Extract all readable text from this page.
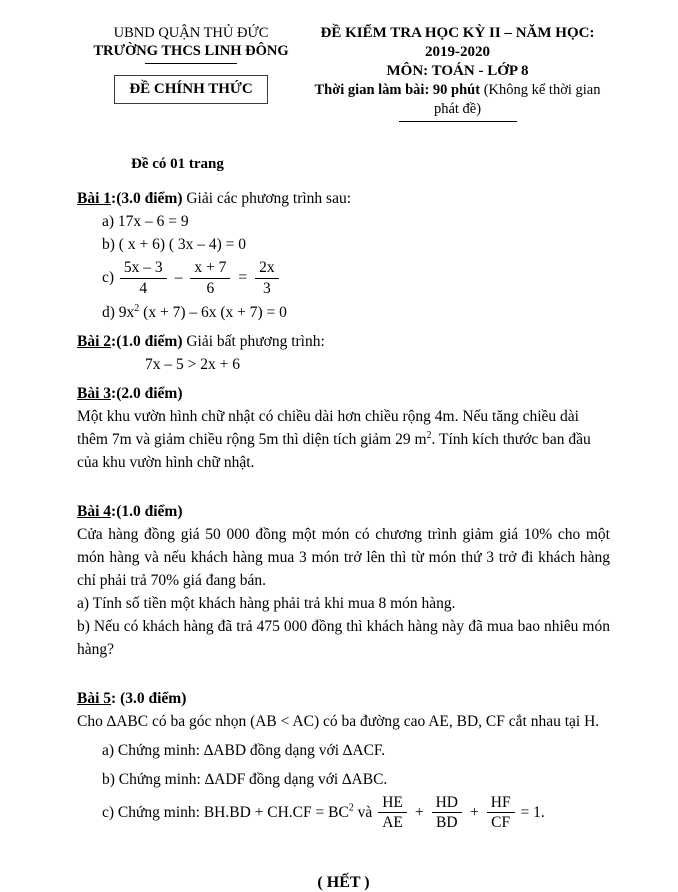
UBND QUẬN THỦ ĐỨC
TRƯỜNG THCS LINH ĐÔNG
ĐỀ CHÍNH THỨC
ĐỀ KIỂM TRA HỌC KỲ II – NĂM HỌC: 2019-2020
MÔN: TOÁN - LỚP 8
Thời gian làm bài: 90 phút (Không kể thời gian phát đề)
Đề có 01 trang
Bài 1:(3.0 điểm) Giải các phương trình sau:
a) 17x – 6 = 9
b) ( x + 6) ( 3x – 4) = 0
$c) \frac{5x - 3}{4} - \frac{x + 7}{6} = \frac{2x}{3}$
d) $9x^2$ (x + 7) – 6x (x + 7) = 0
Bài 2:(1.0 điểm) Giải bất phương trình:
7x – 5 > 2x + 6
Bài 3:(2.0 điểm)
Một khu vườn hình chữ nhật có chiều dài hơn chiều rộng 4m. Nếu tăng chiều dài thêm 7m và giảm chiều rộng 5m thì diện tích giảm 29 $m^2$. Tính kích thước ban đầu của khu vườn hình chữ nhật.
Bài 4:(1.0 điểm)
Cửa hàng đồng giá 50 000 đồng một món có chương trình giảm giá 10% cho một món hàng và nếu khách hàng mua 3 món trở lên thì từ món thứ 3 trở đi khách hàng chỉ phải trả 70% giá đang bán.
a) Tính số tiền một khách hàng phải trả khi mua 8 món hàng.
b) Nếu có khách hàng đã trả 475 000 đồng thì khách hàng này đã mua bao nhiêu món hàng?
Bài 5: (3.0 điểm)
Cho ∆ABC có ba góc nhọn (AB < AC) có ba đường cao AE, BD, CF cắt nhau tại H.
a) Chứng minh: ∆ABD đồng dạng với ∆ACF.
b) Chứng minh: ∆ADF đồng dạng với ∆ABC.
c) Chứng minh: $BH.BD + CH.CF = BC^2$ và $\frac{HE}{AE} + \frac{HD}{BD} + \frac{HF}{CF} = 1$.
( HẾT )
